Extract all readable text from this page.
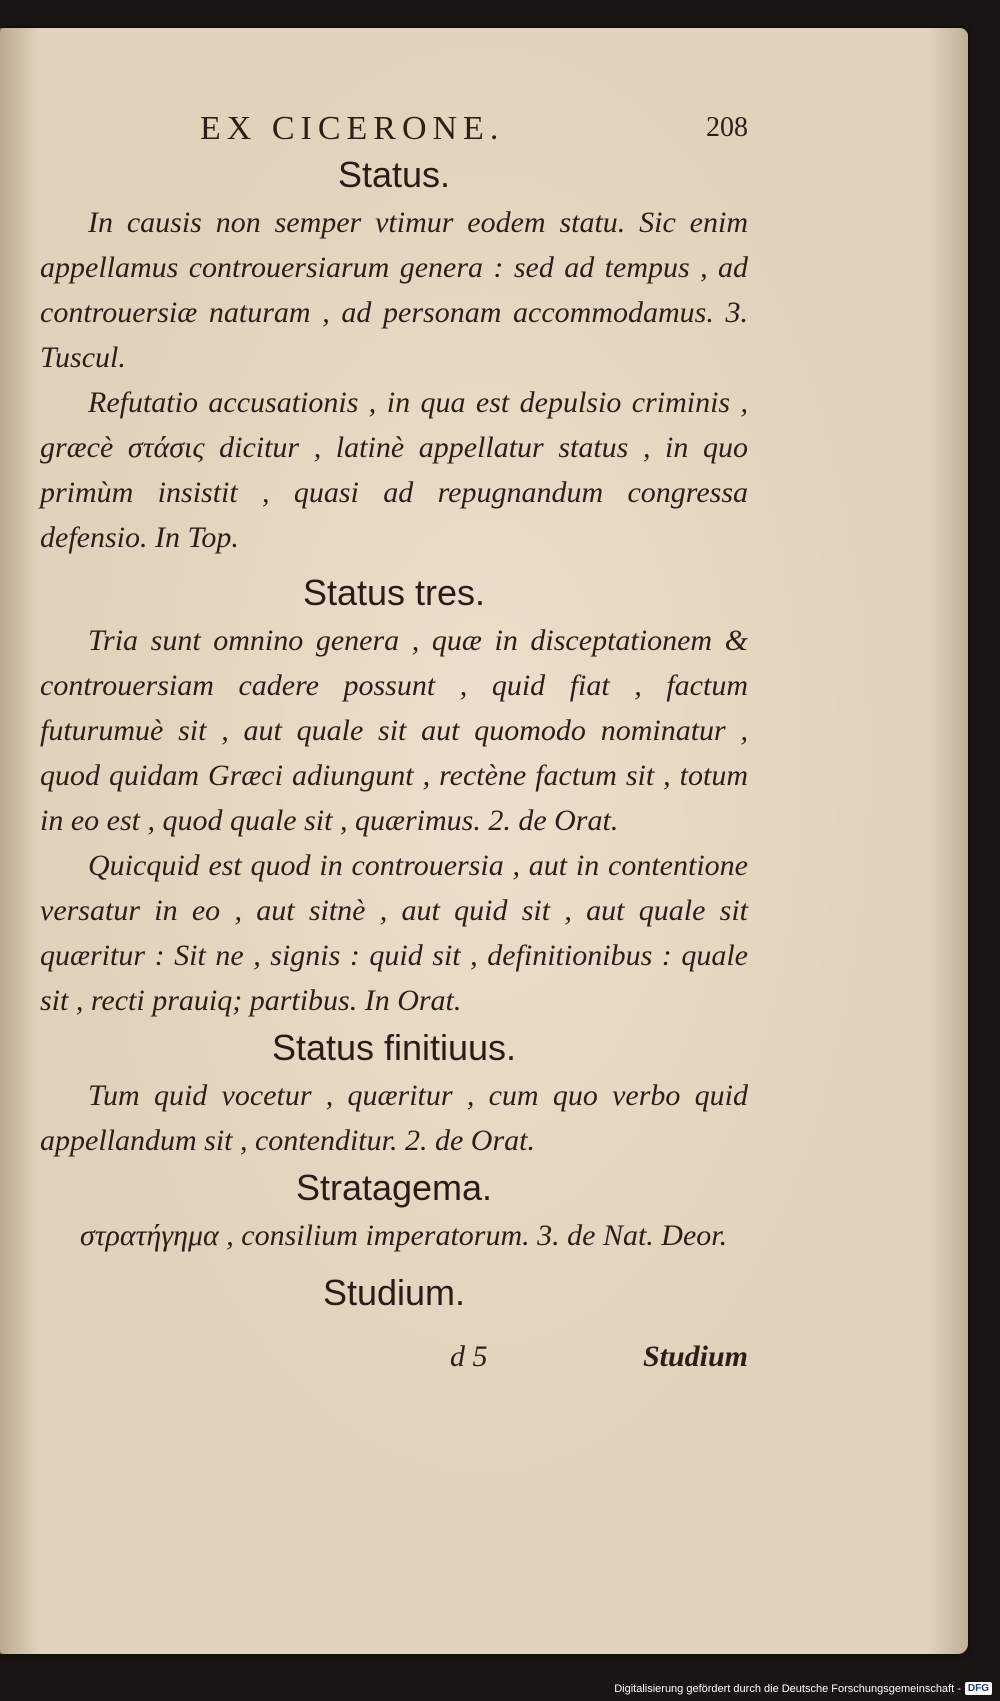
EX CICERONE.	208
Status.

In causis non semper vtimur eodem statu. Sic enim appellamus controuersiarum genera : sed ad tempus , ad controuersiæ naturam , ad personam accommodamus. 3. Tuscul.

Refutatio accusationis , in qua est depulsio criminis , græcè στάσις dicitur , latinè appellatur status , in quo primùm insistit , quasi ad repugnandum congressa defensio. In Top.

Status tres.

Tria sunt omnino genera , quæ in disceptationem & controuersiam cadere possunt , quid fiat , factum futurumuè sit , aut quale sit aut quomodo nominatur , quod quidam Græci adiungunt , rectène factum sit , totum in eo est , quod quale sit , quærimus. 2. de Orat.

Quicquid est quod in controuersia , aut in contentione versatur in eo , aut sitnè , aut quid sit , aut quale sit quæritur : Sit ne , signis : quid sit , definitionibus : quale sit , recti prauiq; partibus. In Orat.

Status finitiuus.

Tum quid vocetur , quæritur , cum quo verbo quid appellandum sit , contenditur. 2. de Orat.

Stratagema.

στρατήγημα , consilium imperatorum. 3. de Nat. Deor.

Studium.
d 5	Studium
Digitalisierung gefördert durch die Deutsche Forschungsgemeinschaft - DFG
